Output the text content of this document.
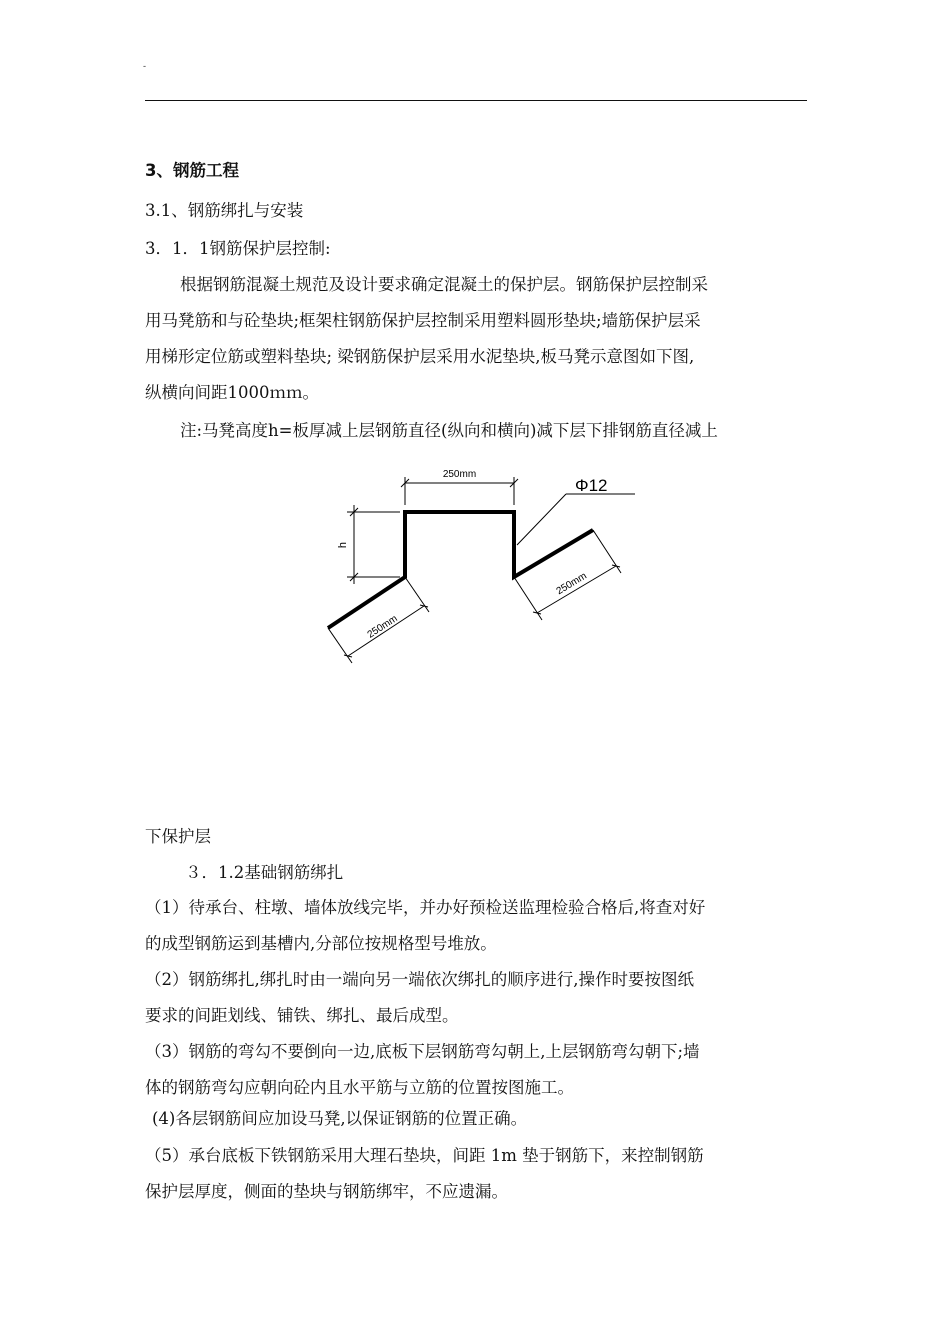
-
3、钢筋工程
3.1、钢筋绑扎与安装
3．1．1钢筋保护层控制:
根据钢筋混凝土规范及设计要求确定混凝土的保护层。钢筋保护层控制采
用马凳筋和与砼垫块;框架柱钢筋保护层控制采用塑料圆形垫块;墙筋保护层采
用梯形定位筋或塑料垫块; 梁钢筋保护层采用水泥垫块,板马凳示意图如下图,
纵横向间距1000ｍｍ。
注:马凳高度h=板厚减上层钢筋直径(纵向和横向)减下层下排钢筋直径减上
250mm
h
Φ12
250mm
250mm
下保护层
３．1.2基础钢筋绑扎
（1）待承台、柱墩、墙体放线完毕，并办好预检送监理检验合格后,将查对好
的成型钢筋运到基槽内,分部位按规格型号堆放。
（2）钢筋绑扎,绑扎时由一端向另一端依次绑扎的顺序进行,操作时要按图纸
要求的间距划线、铺铁、绑扎、最后成型。
（3）钢筋的弯勾不要倒向一边,底板下层钢筋弯勾朝上,上层钢筋弯勾朝下;墙
体的钢筋弯勾应朝向砼内且水平筋与立筋的位置按图施工。
(4)各层钢筋间应加设马凳,以保证钢筋的位置正确。
（5）承台底板下铁钢筋采用大理石垫块，间距 1m 垫于钢筋下，来控制钢筋
保护层厚度，侧面的垫块与钢筋绑牢，不应遗漏。
